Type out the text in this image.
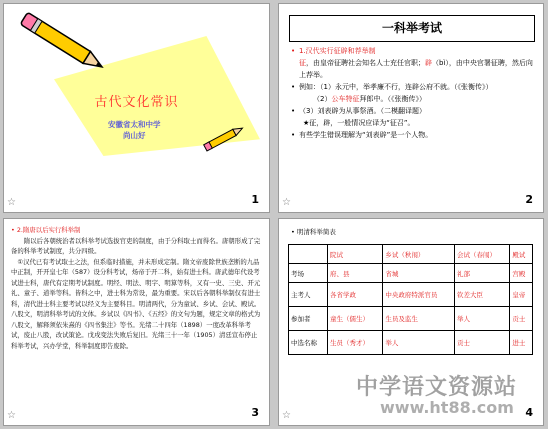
古代文化常识
安徽省太和中学
尚山好
☆	1
一科举考试
• 1.汉代实行征辟和荐举制
征，由皇帝征聘社会知名人士充任官职；辟（bì），由中央官署征聘，然后向上荐举。
• 例如：（1）永元中，举孝廉不行，连辟公府不就。（《张衡传》）
（2）公车特征拜郎中。（《张衡传》）
• （3）刘表辟为从事祭酒。（二模翻译题）
★征，辟，一般情况应译为“征召”。
• 有些学生错误理解为“刘表辟”是一个人物。
☆	2

• 2.隋唐以后实行科举制

隋以后各朝统治者以科举考试选拔官吏的制度，由于分科取士而得名。唐朝形成了完备的科举考试制度，共分四级。

①汉代已有考试取士之法，但系临时措施，并未形成定制。隋文帝废除世族垄断的九品中正制，开开皇七年（587）设分科考试，炀帝于开二科，始有进士科。唐武德年代设考试进士科，唐代有定期考试制度。明经、明法、明字、明算等科，又有一史、三史、开元礼、童子、道举等科。皆科之中，进士科为常设，最为重要。宋以后各朝科举制仅有进士科，清代进士科主要考试以经义为主要科目。明清两代，分为童试、乡试、会试、殿试。八股文，明清科举考试的文体。乡试以《四书》、《五经》的文句为题，规定文章的格式为八股文，解释须依朱熹的《四书集注》等书。光绪二十四年（1898）一度改革科举考试，废止八股，改试策论。戊戌变法失败后复旧。光绪三十一年（1905）清廷宣布停止科举考试，兴办学堂，科举制度即告废除。

☆	3
• 明清科举简表
	院试	乡试（秋闱）	会试（春闱）	殿试
考场	府、县	省城	礼部	宫殿
主考人	各省学政	中央政府特派官员	钦差大臣	皇帝
参加者	童生（儒生）	生员及监生	举人	贡士
中选名称	生员（秀才）	举人	贡士	进士
☆	4
中学语文资源站
www.ht88.com
